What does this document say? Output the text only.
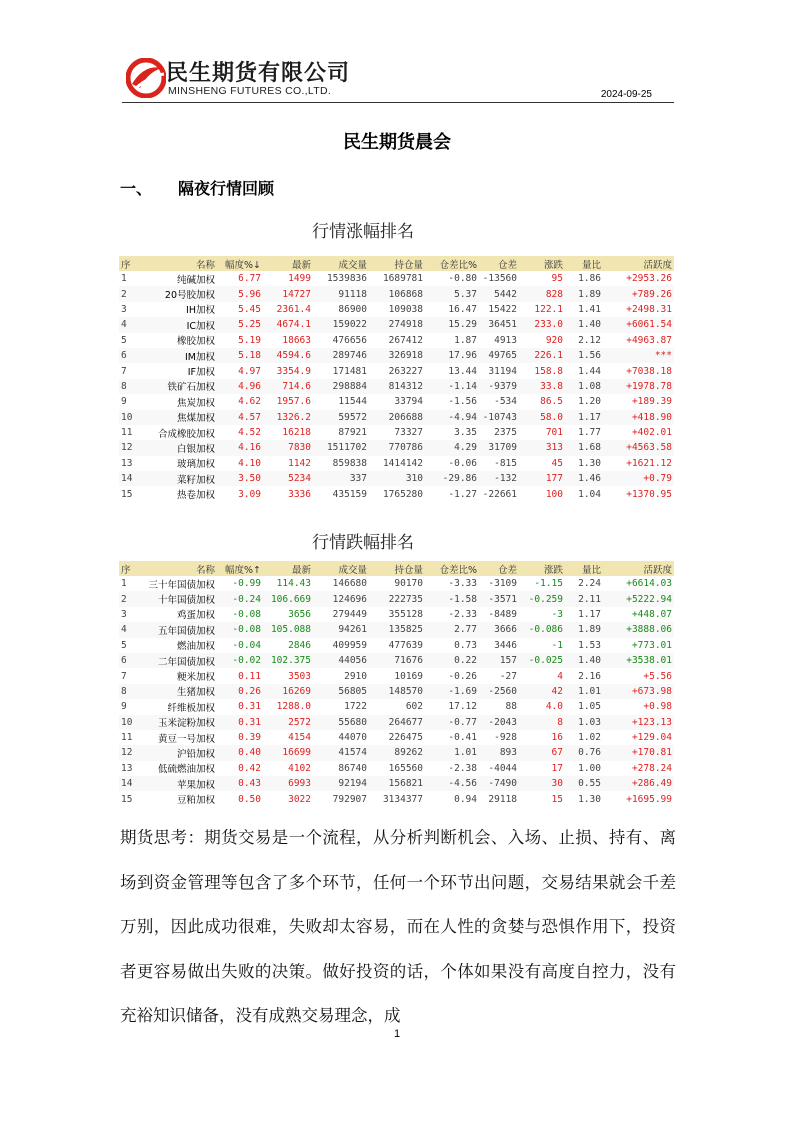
民生期货有限公司
MINSHENG FUTURES CO.,LTD.	2024-09-25
民生期货晨会
一、 隔夜行情回顾
行情涨幅排名
序	名称	幅度%↓	最新	成交量	持仓量	仓差比%	仓差	涨跌	量比	活跃度
1	纯碱加权	6.77	1499	1539836	1689781	-0.80	-13560	95	1.86	+2953.26
2	20号胶加权	5.96	14727	91118	106868	5.37	5442	828	1.89	+789.26
3	IH加权	5.45	2361.4	86900	109038	16.47	15422	122.1	1.41	+2498.31
4	IC加权	5.25	4674.1	159022	274918	15.29	36451	233.0	1.40	+6061.54
5	橡胶加权	5.19	18663	476656	267412	1.87	4913	920	2.12	+4963.87
6	IM加权	5.18	4594.6	289746	326918	17.96	49765	226.1	1.56	***
7	IF加权	4.97	3354.9	171481	263227	13.44	31194	158.8	1.44	+7038.18
8	铁矿石加权	4.96	714.6	298884	814312	-1.14	-9379	33.8	1.08	+1978.78
9	焦炭加权	4.62	1957.6	11544	33794	-1.56	-534	86.5	1.20	+189.39
10	焦煤加权	4.57	1326.2	59572	206688	-4.94	-10743	58.0	1.17	+418.90
11	合成橡胶加权	4.52	16218	87921	73327	3.35	2375	701	1.77	+402.01
12	白银加权	4.16	7830	1511702	770786	4.29	31709	313	1.68	+4563.58
13	玻璃加权	4.10	1142	859838	1414142	-0.06	-815	45	1.30	+1621.12
14	菜籽加权	3.50	5234	337	310	-29.86	-132	177	1.46	+0.79
15	热卷加权	3.09	3336	435159	1765280	-1.27	-22661	100	1.04	+1370.95
行情跌幅排名
序	名称	幅度%↑	最新	成交量	持仓量	仓差比%	仓差	涨跌	量比	活跃度
1	三十年国债加权	-0.99	114.43	146680	90170	-3.33	-3109	-1.15	2.24	+6614.03
2	十年国债加权	-0.24	106.669	124696	222735	-1.58	-3571	-0.259	2.11	+5222.94
3	鸡蛋加权	-0.08	3656	279449	355128	-2.33	-8489	-3	1.17	+448.07
4	五年国债加权	-0.08	105.088	94261	135825	2.77	3666	-0.086	1.89	+3888.06
5	燃油加权	-0.04	2846	409959	477639	0.73	3446	-1	1.53	+773.01
6	二年国债加权	-0.02	102.375	44056	71676	0.22	157	-0.025	1.40	+3538.01
7	粳米加权	0.11	3503	2910	10169	-0.26	-27	4	2.16	+5.56
8	生猪加权	0.26	16269	56805	148570	-1.69	-2560	42	1.01	+673.98
9	纤维板加权	0.31	1288.0	1722	602	17.12	88	4.0	1.05	+0.98
10	玉米淀粉加权	0.31	2572	55680	264677	-0.77	-2043	8	1.03	+123.13
11	黄豆一号加权	0.39	4154	44070	226475	-0.41	-928	16	1.02	+129.04
12	沪铅加权	0.40	16699	41574	89262	1.01	893	67	0.76	+170.81
13	低硫燃油加权	0.42	4102	86740	165560	-2.38	-4044	17	1.00	+278.24
14	苹果加权	0.43	6993	92194	156821	-4.56	-7490	30	0.55	+286.49
15	豆粕加权	0.50	3022	792907	3134377	0.94	29118	15	1.30	+1695.99
期货思考：期货交易是一个流程，从分析判断机会、入场、止损、持有、离场到资金管理等包含了多个环节，任何一个环节出问题，交易结果就会千差万别，因此成功很难，失败却太容易，而在人性的贪婪与恐惧作用下，投资者更容易做出失败的决策。做好投资的话，个体如果没有高度自控力，没有充裕知识储备，没有成熟交易理念，成
1
